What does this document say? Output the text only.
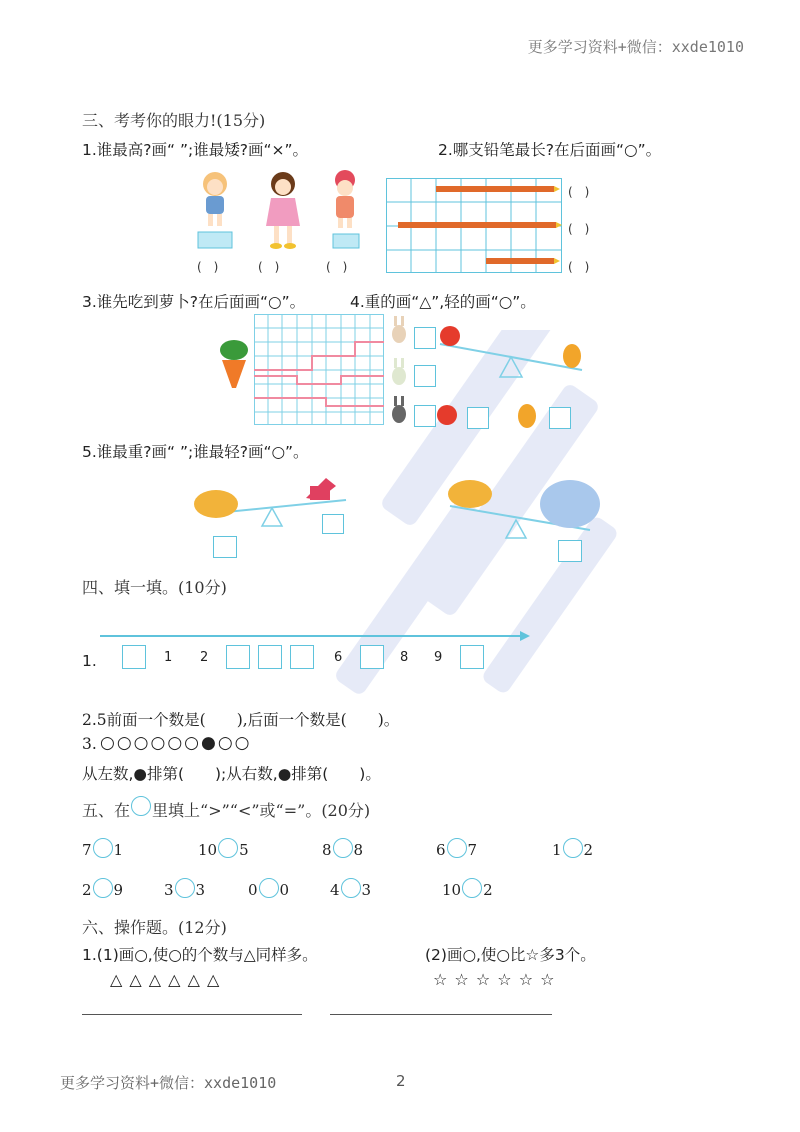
更多学习资料+微信：xxde1010
更多学习资料+微信：xxde1010	2
三、考考你的眼力!(15分)
1.谁最高?画“ ”;谁最矮?画“×”。	2.哪支铅笔最长?在后面画“○”。
(　)	(　)	(　)
(　)
(　)
(　)
3.谁先吃到萝卜?在后面画“○”。	4.重的画“△”,轻的画“○”。
5.谁最重?画“ ”;谁最轻?画“○”。
四、填一填。(10分)
1.	1 2	6	8 9
2.5前面一个数是(　　),后面一个数是(　　)。
3. ○○○○○○●○○
从左数,●排第(　　);从右数,●排第(　　)。
五、在 里填上“>”“<”或“=”。(20分)
7 1	10 5	8 8	6 7	1 2
2 9	3 3	0 0	4 3	10 2
六、操作题。(12分)
1.(1)画○,使○的个数与△同样多。	(2)画○,使○比☆多3个。
△ △ △ △ △ △	☆ ☆ ☆ ☆ ☆ ☆
